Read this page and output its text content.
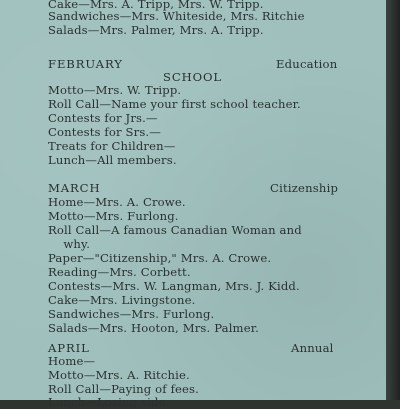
Cake—Mrs. A. Tripp, Mrs. W. Tripp.
Sandwiches—Mrs. Whiteside, Mrs. Ritchie
Salads—Mrs. Palmer, Mrs. A. Tripp.
FEBRUARY	Education
SCHOOL
Motto—Mrs. W. Tripp.
Roll Call—Name your first school teacher.
Contests for Jrs.—
Contests for Srs.—
Treats for Children—
Lunch—All members.
MARCH	Citizenship
Home—Mrs. A. Crowe.
Motto—Mrs. Furlong.
Roll Call—A famous Canadian Woman and
why.
Paper—"Citizenship," Mrs. A. Crowe.
Reading—Mrs. Corbett.
Contests—Mrs. W. Langman, Mrs. J. Kidd.
Cake—Mrs. Livingstone.
Sandwiches—Mrs. Furlong.
Salads—Mrs. Hooton, Mrs. Palmer.
APRIL	Annual
Home—
Motto—Mrs. A. Ritchie.
Roll Call—Paying of fees.
Lunch—Losing side.
